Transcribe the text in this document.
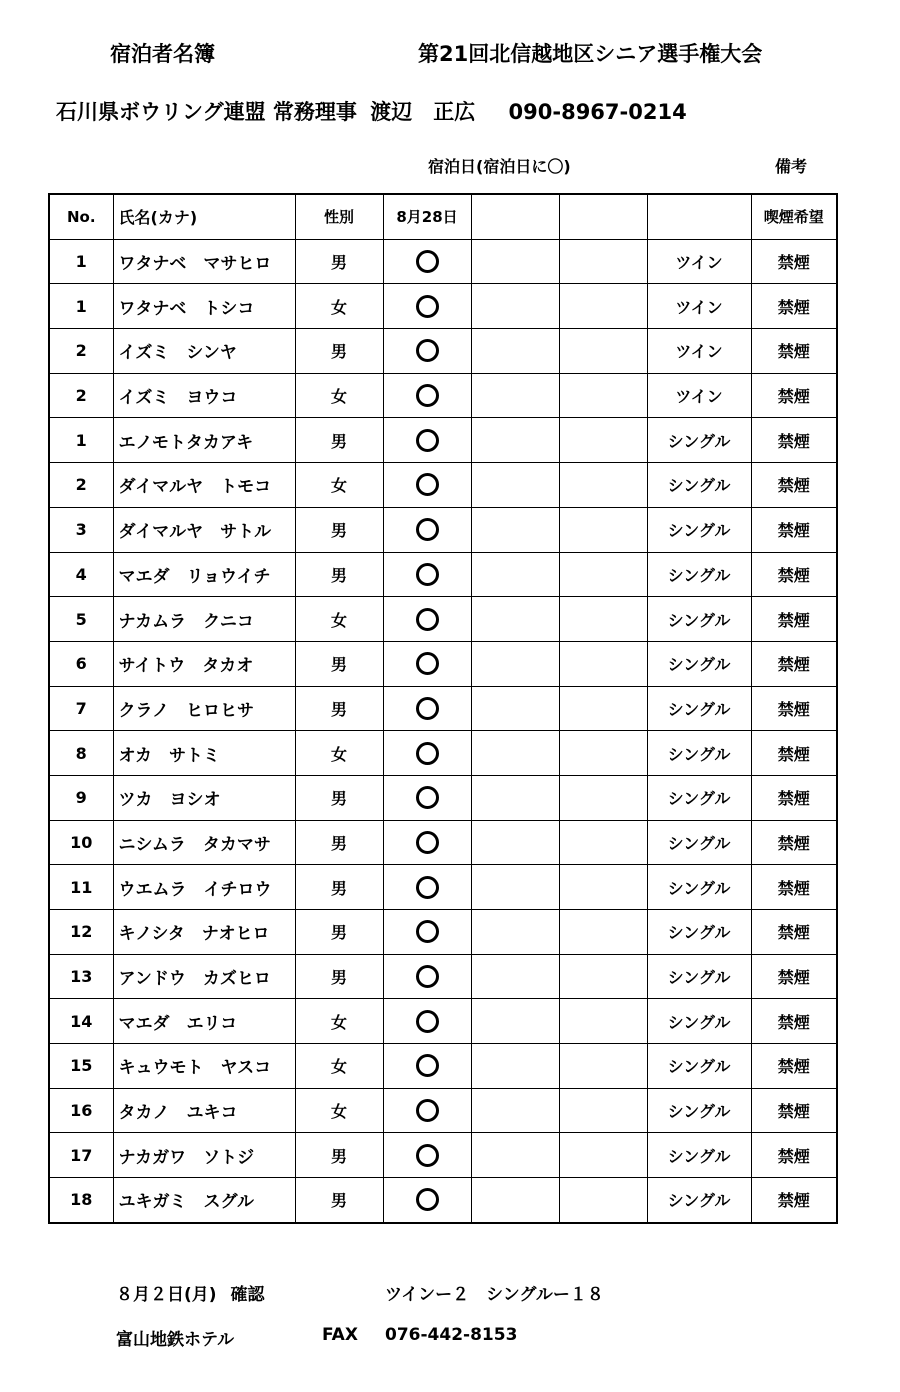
宿泊者名簿	第21回北信越地区シニア選手権大会
石川県ボウリング連盟 常務理事 渡辺　正広 090-8967-0214
宿泊日(宿泊日に〇)	備考
No.	氏名(カナ)	性別	8月28日				喫煙希望
1	ワタナベ　マサヒロ	男				ツイン	禁煙
1	ワタナベ　トシコ	女				ツイン	禁煙
2	イズミ　シンヤ	男				ツイン	禁煙
2	イズミ　ヨウコ	女				ツイン	禁煙
1	エノモトタカアキ	男				シングル	禁煙
2	ダイマルヤ　トモコ	女				シングル	禁煙
3	ダイマルヤ　サトル	男				シングル	禁煙
4	マエダ　リョウイチ	男				シングル	禁煙
5	ナカムラ　クニコ	女				シングル	禁煙
6	サイトウ　タカオ	男				シングル	禁煙
7	クラノ　ヒロヒサ	男				シングル	禁煙
8	オカ　サトミ	女				シングル	禁煙
9	ツカ　ヨシオ	男				シングル	禁煙
10	ニシムラ　タカマサ	男				シングル	禁煙
11	ウエムラ　イチロウ	男				シングル	禁煙
12	キノシタ　ナオヒロ	男				シングル	禁煙
13	アンドウ　カズヒロ	男				シングル	禁煙
14	マエダ　エリコ	女				シングル	禁煙
15	キュウモト　ヤスコ	女				シングル	禁煙
16	タカノ　ユキコ	女				シングル	禁煙
17	ナカガワ　ソトジ	男				シングル	禁煙
18	ユキガミ　スグル	男				シングル	禁煙
８月２日(月) 確認	ツインー２　シングルー１８
富山地鉄ホテル	FAX 076-442-8153
